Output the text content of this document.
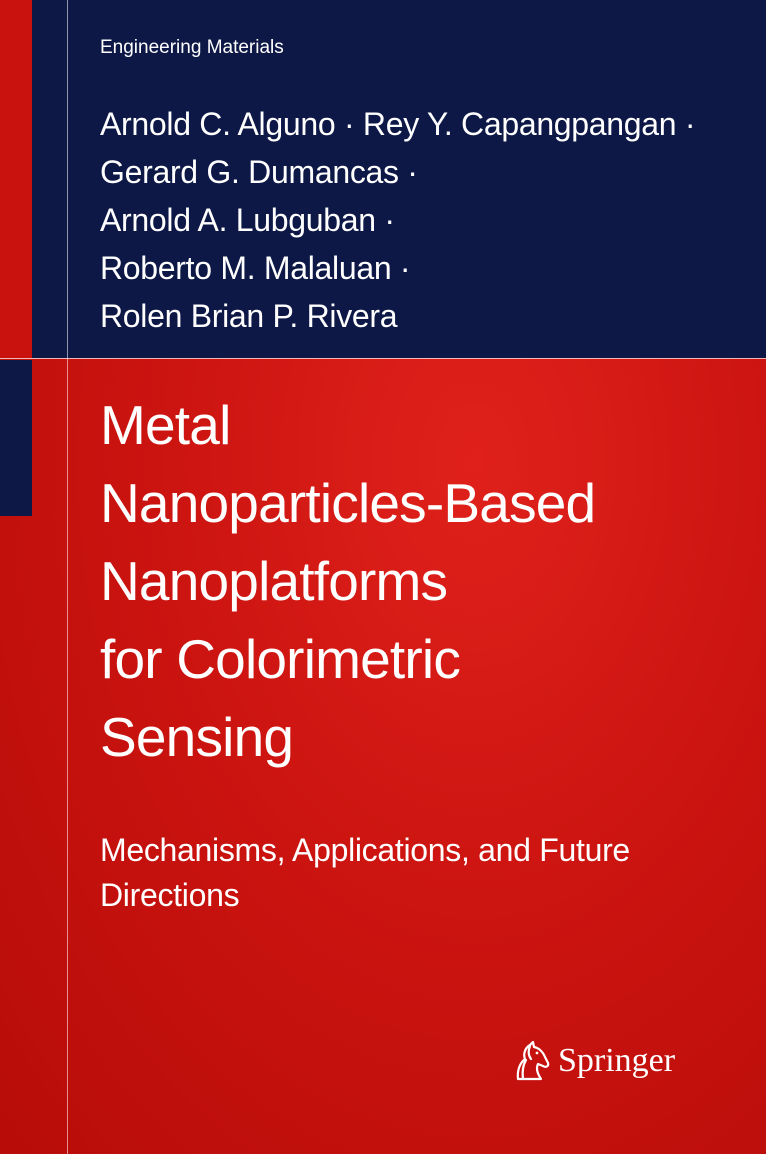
Engineering Materials
Arnold C. Alguno · Rey Y. Capangpangan ·
Gerard G. Dumancas ·
Arnold A. Lubguban ·
Roberto M. Malaluan ·
Rolen Brian P. Rivera
Metal
Nanoparticles-Based
Nanoplatforms
for Colorimetric
Sensing
Mechanisms, Applications, and Future
Directions
Springer
